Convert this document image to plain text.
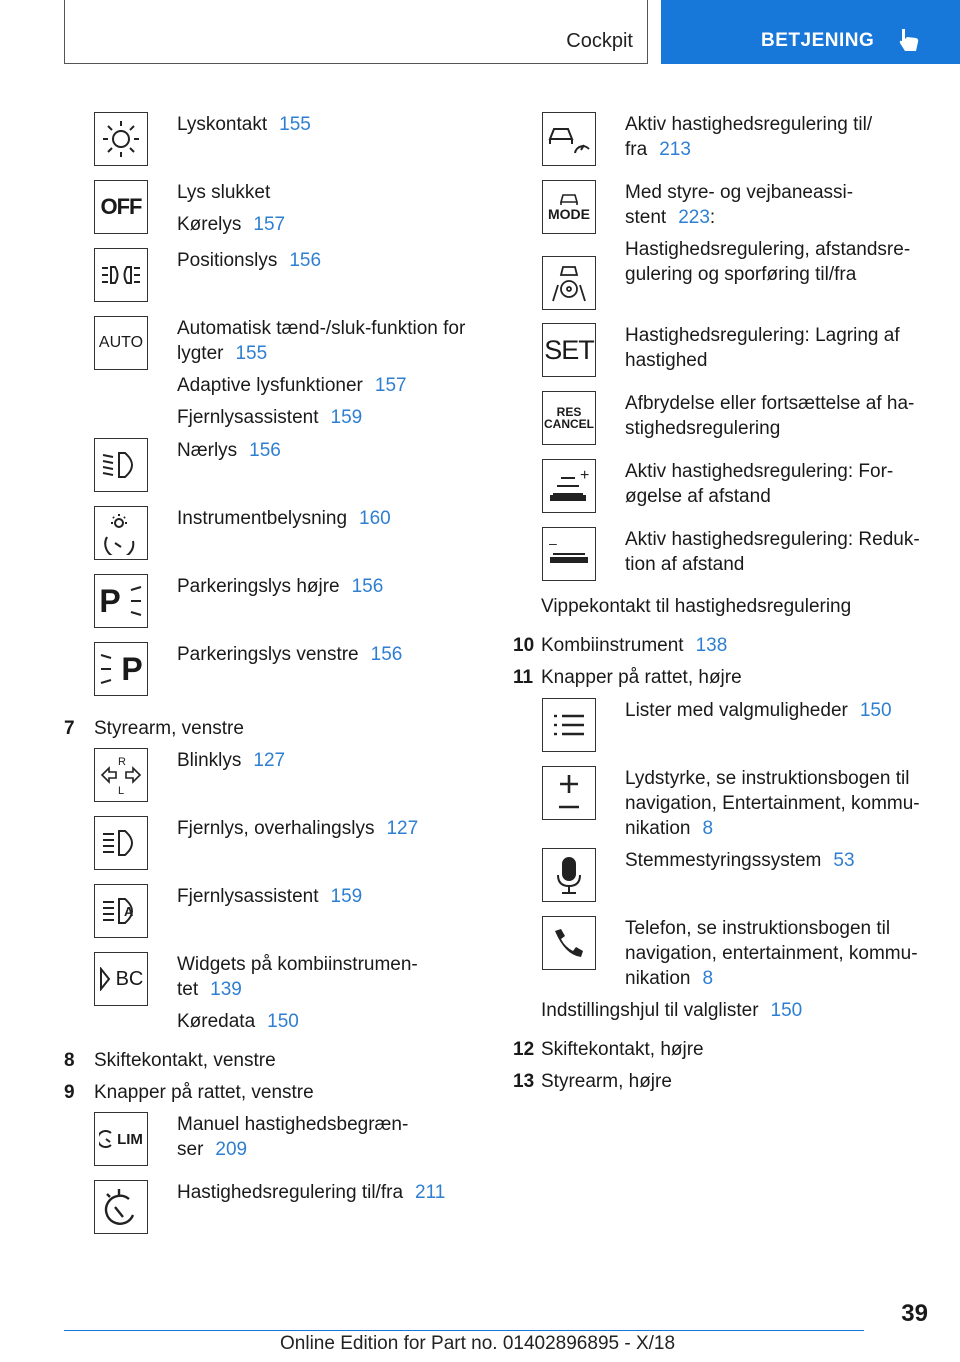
Cockpit	BETJENING
Lyskontakt 155
OFF
Lys slukket
Kørelys 157
Positionslys 156
AUTO
Automatisk tænd-/sluk-funktion for
lygter 155
Adaptive lysfunktioner 157
Fjernlysassistent 159
Nærlys 156
Instrumentbelysning 160
P	Parkeringslys højre 156
P Parkeringslys venstre 156
7 Styrearm, venstre
R
L
Blinklys 127
Fjernlys, overhalingslys 127
A
Fjernlysassistent 159
BC
Widgets på kombiinstrumen-
tet 139
Køredata 150
8 Skiftekontakt, venstre
9 Knapper på rattet, venstre
LIM
Manuel hastighedsbegræn-
ser 209
Hastighedsregulering til/fra 211
Aktiv hastighedsregulering til/
fra 213
MODE
Med styre- og vejbaneassi-
stent 223:
Hastighedsregulering, afstandsre-
gulering og sporføring til/fra
SET Hastighedsregulering: Lagring af
hastighed
RES
CANCEL
Afbrydelse eller fortsættelse af ha-
stighedsregulering
+ Aktiv hastighedsregulering: For-
øgelse af afstand
–	Aktiv hastighedsregulering: Reduk-
tion af afstand
Vippekontakt til hastighedsregulering
10 Kombiinstrument 138
11 Knapper på rattet, højre
Lister med valgmuligheder 150
Lydstyrke, se instruktionsbogen til
navigation, Entertainment, kommu-
nikation 8
Stemmestyringssystem 53
Telefon, se instruktionsbogen til
navigation, entertainment, kommu-
nikation 8
Indstillingshjul til valglister 150
12 Skiftekontakt, højre
13 Styrearm, højre
39
Online Edition for Part no. 01402896895 - X/18
